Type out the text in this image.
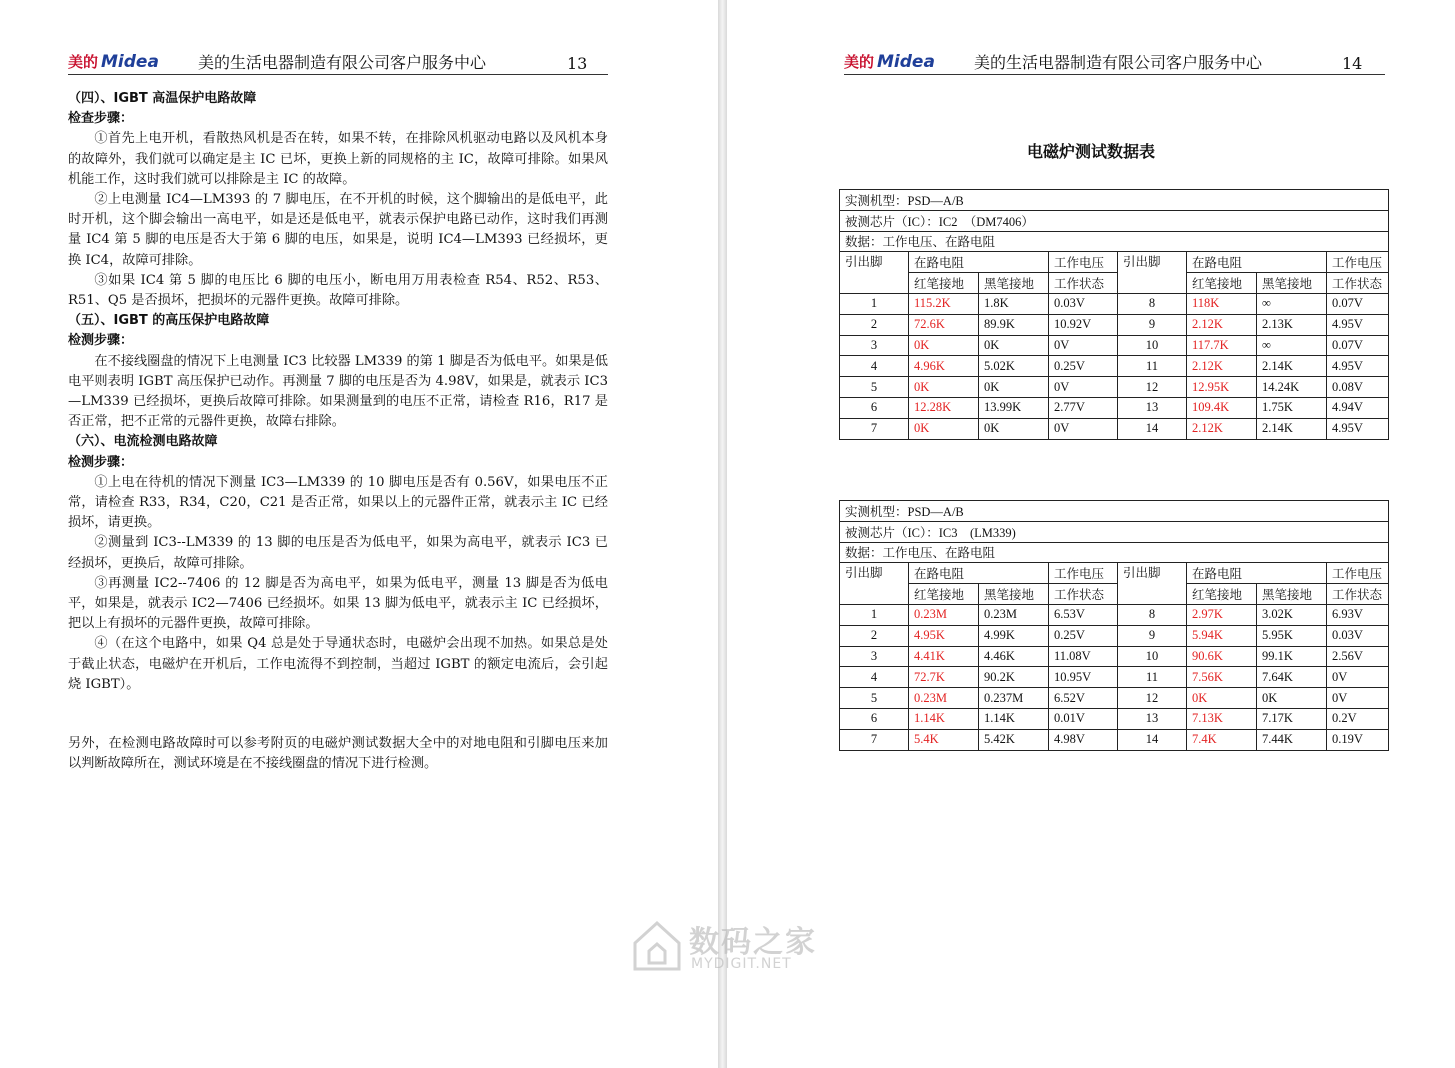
美的 Midea 美的生活电器制造有限公司客户服务中心	13

（四）、IGBT 高温保护电路故障

检查步骤：

①首先上电开机，看散热风机是否在转，如果不转，在排除风机驱动电路以及风机本身的故障外，我们就可以确定是主 IC 已坏，更换上新的同规格的主 IC，故障可排除。如果风机能工作，这时我们就可以排除是主 IC 的故障。

②上电测量 IC4—LM393 的 7 脚电压，在不开机的时候，这个脚输出的是低电平，此时开机，这个脚会输出一高电平，如是还是低电平，就表示保护电路已动作，这时我们再测量 IC4 第 5 脚的电压是否大于第 6 脚的电压，如果是，说明 IC4—LM393 已经损坏，更换 IC4，故障可排除。

③如果 IC4 第 5 脚的电压比 6 脚的电压小，断电用万用表检查 R54、R52、R53、R51、Q5 是否损坏，把损坏的元器件更换。故障可排除。

（五）、IGBT 的高压保护电路故障

检测步骤：

在不接线圈盘的情况下上电测量 IC3 比较器 LM339 的第 1 脚是否为低电平。如果是低电平则表明 IGBT 高压保护已动作。再测量 7 脚的电压是否为 4.98V，如果是，就表示 IC3—LM339 已经损坏，更换后故障可排除。如果测量到的电压不正常，请检查 R16，R17 是否正常，把不正常的元器件更换，故障右排除。

（六）、电流检测电路故障

检测步骤：

①上电在待机的情况下测量 IC3—LM339 的 10 脚电压是否有 0.56V，如果电压不正常，请检查 R33，R34，C20，C21 是否正常，如果以上的元器件正常，就表示主 IC 已经损坏，请更换。

②测量到 IC3--LM339 的 13 脚的电压是否为低电平，如果为高电平，就表示 IC3 已经损坏，更换后，故障可排除。

③再测量 IC2--7406 的 12 脚是否为高电平，如果为低电平，测量 13 脚是否为低电平，如果是，就表示 IC2—7406 已经损坏。如果 13 脚为低电平，就表示主 IC 已经损坏，把以上有损坏的元器件更换，故障可排除。

④（在这个电路中，如果 Q4 总是处于导通状态时，电磁炉会出现不加热。如果总是处于截止状态，电磁炉在开机后，工作电流得不到控制，当超过 IGBT 的额定电流后，会引起烧 IGBT）。

另外，在检测电路故障时可以参考附页的电磁炉测试数据大全中的对地电阻和引脚电压来加以判断故障所在，测试环境是在不接线圈盘的情况下进行检测。

美的 Midea 美的生活电器制造有限公司客户服务中心	14
电磁炉测试数据表
实测机型：PSD—A/B							
被测芯片（IC）：IC2　（DM7406）							
数据：工作电压、在路电阻							
引出脚	在路电阻		工作电压	引出脚	在路电阻		工作电压
	红笔接地	黑笔接地	工作状态		红笔接地	黑笔接地	工作状态
1	115.2K	1.8K	0.03V	8	118K	∞	0.07V
2	72.6K	89.9K	10.92V	9	2.12K	2.13K	4.95V
3	0K	0K	0V	10	117.7K	∞	0.07V
4	4.96K	5.02K	0.25V	11	2.12K	2.14K	4.95V
5	0K	0K	0V	12	12.95K	14.24K	0.08V
6	12.28K	13.99K	2.77V	13	109.4K	1.75K	4.94V
7	0K	0K	0V	14	2.12K	2.14K	4.95V
实测机型：PSD—A/B							
被测芯片（IC）：IC3　(LM339)							
数据：工作电压、在路电阻							
引出脚	在路电阻		工作电压	引出脚	在路电阻		工作电压
	红笔接地	黑笔接地	工作状态		红笔接地	黑笔接地	工作状态
1	0.23M	0.23M	6.53V	8	2.97K	3.02K	6.93V
2	4.95K	4.99K	0.25V	9	5.94K	5.95K	0.03V
3	4.41K	4.46K	11.08V	10	90.6K	99.1K	2.56V
4	72.7K	90.2K	10.95V	11	7.56K	7.64K	0V
5	0.23M	0.237M	6.52V	12	0K	0K	0V
6	1.14K	1.14K	0.01V	13	7.13K	7.17K	0.2V
7	5.4K	5.42K	4.98V	14	7.4K	7.44K	0.19V
数码之家
MYDIGIT.NET
